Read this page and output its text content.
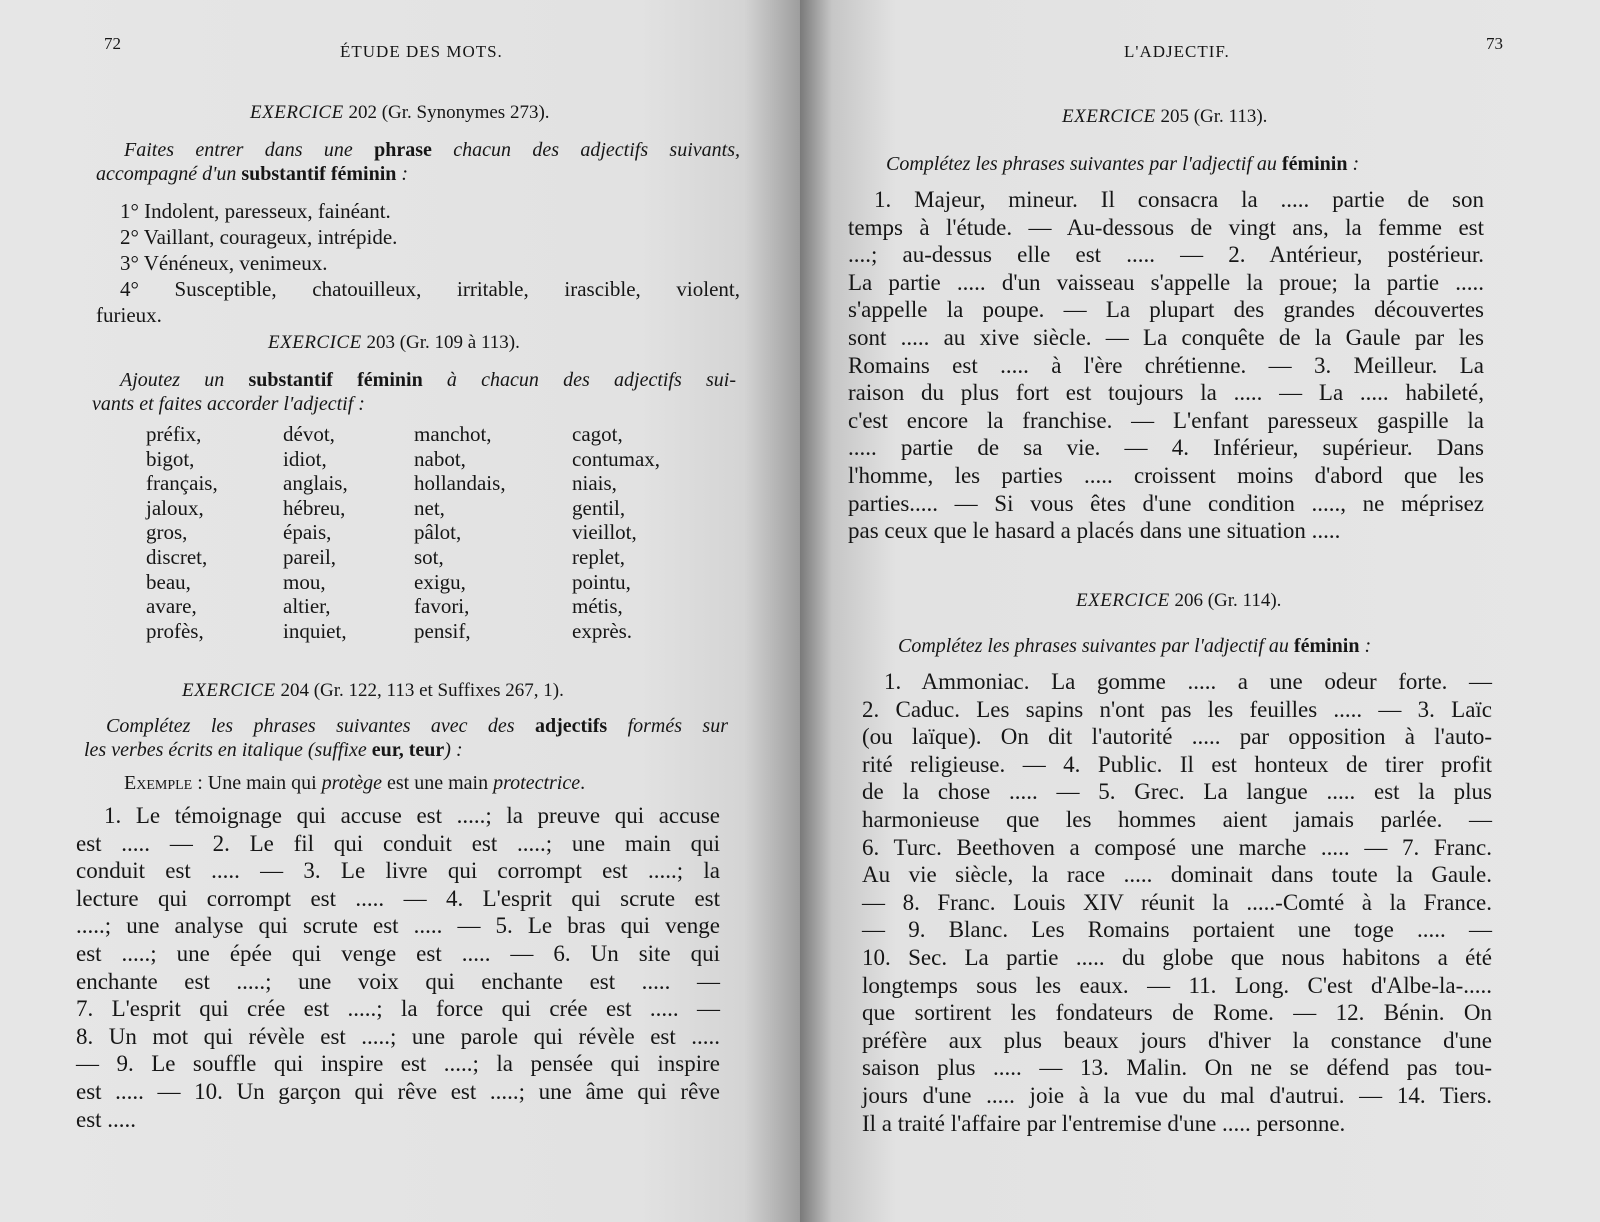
72	ÉTUDE DES MOTS.
EXERCICE 202 (Gr. Synonymes 273).
Faites entrer dans une phrase chacun des adjectifs suivants,
accompagné d'un substantif féminin :
1° Indolent, paresseux, fainéant.
2° Vaillant, courageux, intrépide.
3° Vénéneux, venimeux.
4° Susceptible, chatouilleux, irritable, irascible, violent,
furieux.
EXERCICE 203 (Gr. 109 à 113).
Ajoutez un substantif féminin à chacun des adjectifs sui-
vants et faites accorder l'adjectif :
préfix,
bigot,
français,
jaloux,
gros,
discret,
beau,
avare,
profès,
dévot,
idiot,
anglais,
hébreu,
épais,
pareil,
mou,
altier,
inquiet,
manchot,
nabot,
hollandais,
net,
pâlot,
sot,
exigu,
favori,
pensif,
cagot,
contumax,
niais,
gentil,
vieillot,
replet,
pointu,
métis,
exprès.
EXERCICE 204 (Gr. 122, 113 et Suffixes 267, 1).
Complétez les phrases suivantes avec des adjectifs formés sur
les verbes écrits en italique (suffixe eur, teur) :
Exemple : Une main qui protège est une main protectrice.
1. Le témoignage qui accuse est .....; la preuve qui accuse
est ..... — 2. Le fil qui conduit est .....; une main qui
conduit est ..... — 3. Le livre qui corrompt est .....; la
lecture qui corrompt est ..... — 4. L'esprit qui scrute est
.....; une analyse qui scrute est ..... — 5. Le bras qui venge
est .....; une épée qui venge est ..... — 6. Un site qui
enchante est .....; une voix qui enchante est ..... —
7. L'esprit qui crée est .....; la force qui crée est ..... —
8. Un mot qui révèle est .....; une parole qui révèle est .....
— 9. Le souffle qui inspire est .....; la pensée qui inspire
est ..... — 10. Un garçon qui rêve est .....; une âme qui rêve
est .....
L'ADJECTIF.	73
EXERCICE 205 (Gr. 113).
Complétez les phrases suivantes par l'adjectif au féminin :
1. Majeur, mineur. Il consacra la ..... partie de son
temps à l'étude. — Au-dessous de vingt ans, la femme est
....; au-dessus elle est ..... — 2. Antérieur, postérieur.
La partie ..... d'un vaisseau s'appelle la proue; la partie .....
s'appelle la poupe. — La plupart des grandes découvertes
sont ..... au xive siècle. — La conquête de la Gaule par les
Romains est ..... à l'ère chrétienne. — 3. Meilleur. La
raison du plus fort est toujours la ..... — La ..... habileté,
c'est encore la franchise. — L'enfant paresseux gaspille la
..... partie de sa vie. — 4. Inférieur, supérieur. Dans
l'homme, les parties ..... croissent moins d'abord que les
parties..... — Si vous êtes d'une condition ....., ne méprisez
pas ceux que le hasard a placés dans une situation .....
EXERCICE 206 (Gr. 114).
Complétez les phrases suivantes par l'adjectif au féminin :
1. Ammoniac. La gomme ..... a une odeur forte. —
2. Caduc. Les sapins n'ont pas les feuilles ..... — 3. Laïc
(ou laïque). On dit l'autorité ..... par opposition à l'auto-
rité religieuse. — 4. Public. Il est honteux de tirer profit
de la chose ..... — 5. Grec. La langue ..... est la plus
harmonieuse que les hommes aient jamais parlée. —
6. Turc. Beethoven a composé une marche ..... — 7. Franc.
Au vie siècle, la race ..... dominait dans toute la Gaule.
— 8. Franc. Louis XIV réunit la .....-Comté à la France.
— 9. Blanc. Les Romains portaient une toge ..... —
10. Sec. La partie ..... du globe que nous habitons a été
longtemps sous les eaux. — 11. Long. C'est d'Albe-la-.....
que sortirent les fondateurs de Rome. — 12. Bénin. On
préfère aux plus beaux jours d'hiver la constance d'une
saison plus ..... — 13. Malin. On ne se défend pas tou-
jours d'une ..... joie à la vue du mal d'autrui. — 14. Tiers.
Il a traité l'affaire par l'entremise d'une ..... personne.
